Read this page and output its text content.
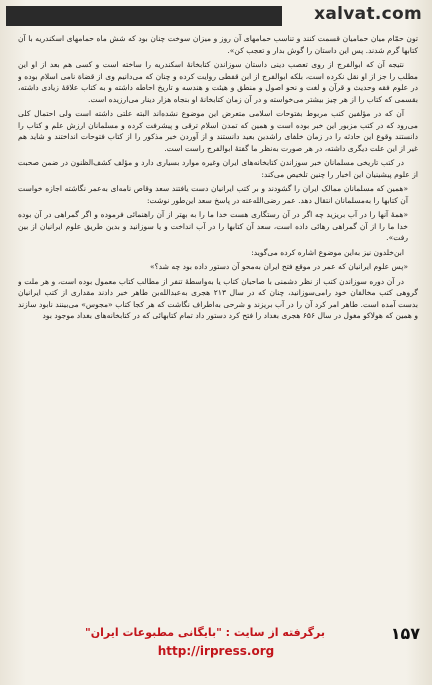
xalvat.com

تون حمّام میان حمامیان قسمت کنند و تناسب حمامهای آن روز و میزان سوخت چنان بود که شش ماه حمامهای اسکندریه با آن کتابها گرم شدند. پس این داستان را گوش بدار و تعجب کن».

نتیجه آن که ابوالفرج از روی تعصب دینی داستان سوزاندن کتابخانهٔ اسکندریه را ساخته است و کسی هم بعد از او این مطلب را جز از او نقل نکرده است، بلکه ابوالفرج از ابن قفطی روایت کرده و چنان که می‌دانیم وی از قضاة نامی اسلام بوده و در علوم فقه وحدیث و قرآن و لغت و نحو اصول و منطق و هیئت و هندسه و تاریخ احاطه داشته و به کتاب علاقهٔ زیادی داشته، بقسمی که کتاب را از هر چیز بیشتر می‌خواسته و در آن زمان کتابخانهٔ او بنجاه هزار دینار می‌ارزیده است.

آن که در مؤلفین کتب مربوط بفتوحات اسلامی متعرض این موضوع نشده‌اند البته علتی داشته است ولی احتمال کلی می‌رود که در کتب مزبور این خبر بوده است و همین که تمدن اسلام ترقی و پیشرفت کرده و مسلمانان ارزش علم و کتاب را دانستند وقوع این حادثه را در زمان خلفای راشدین بعید دانستند و از آوردن خبر مذکور را از کتاب فتوحات انداختند و شاید هم غیر از این علت دیگری داشته، در هر صورت به‌نظر ما گفتهٔ ابوالفرج راست است.

در کتب تاریخی مسلمانان خبر سوزاندن کتابخانه‌های ایران وغیره موارد بسیاری دارد و مؤلف کشف‌الظنون در ضمن صحبت از علوم پیشینیان این اخبار را چنین تلخیص می‌کند:

«همین که مسلمانان ممالک ایران را گشودند و بر کتب ایرانیان دست یافتند سعد وقاص نامه‌ای به‌عمر نگاشته اجازه خواست آن کتابها را به‌مسلمانان انتقال دهد. عمر رضی‌الله‌عنه در پاسخ سعد این‌طور نوشت:

«همهٔ آنها را در آب بریزید چه اگر در آن رستگاری هست خدا ما را به بهتر از آن راهنمائی فرموده و اگر گمراهی در آن بوده خدا ما را از آن گمراهی رهائی داده است، سعد آن کتابها را در آب انداخت و یا سوزانید و بدین طریق علوم ایرانیان از بین رفت».

ابن‌خلدون نیز به‌این موضوع اشاره کرده می‌گوید:

«پس علوم ایرانیان که عمر در موقع فتح ایران به‌محو آن دستور داده بود چه شد؟»

در آن دوره سوزاندن کتب از نظر دشمنی با صاحبان کتاب یا به‌واسطهٔ تنفر از مطالب کتاب معمول بوده است، و هر ملت و گروهی کتب مخالفان خود رامی‌سوزانید، چنان که در سال ۲۱۳ هجری به‌عبدالله‌بن طاهر خبر دادند مقداری از کتب ایرانیان بدست آمده است. طاهر امر کرد آن را در آب بریزند و شرحی به‌اطراف نگاشت که هر کجا کتاب «مجوس» می‌بینند نابود سازند و همین که هولاکو مغول در سال ۶۵۶ هجری بغداد را فتح کرد دستور داد تمام کتابهائی که در کتابخانه‌های بغداد موجود بود

۱۵۷
برگرفته از سایت : "بایگانی مطبوعات ایران"
http://irpress.org
